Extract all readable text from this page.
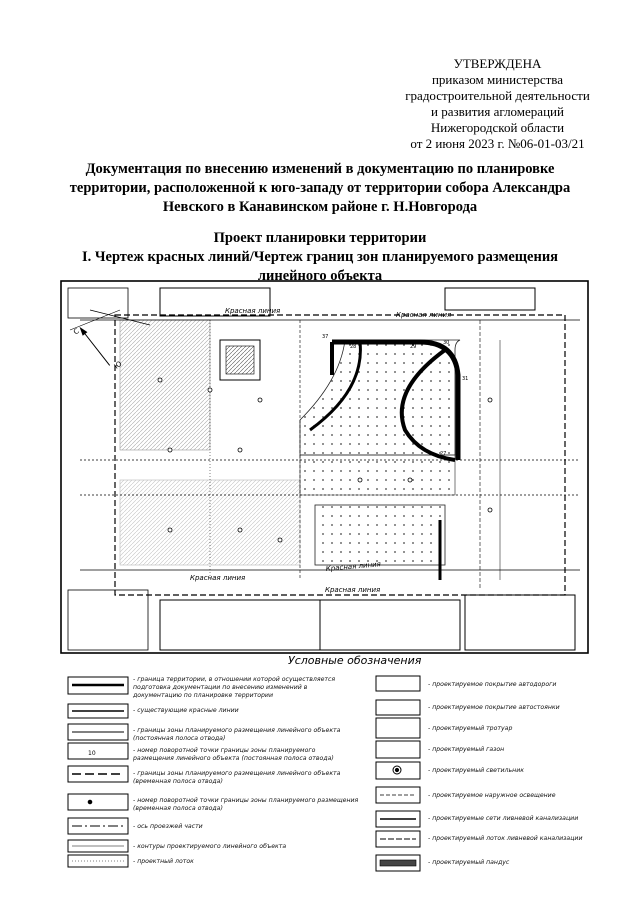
УТВЕРЖДЕНА
приказом министерства
градостроительной деятельности
и развития агломераций
Нижегородской области
от 2 июня 2023 г. №06-01-03/21
Документация по внесению изменений в документацию по планировке
территории, расположенной к юго-западу от территории собора Александра
Невского в Канавинском районе г. Н.Новгорода
Проект планировки территории
I. Чертеж красных линий/Чертеж границ зон планируемого размещения
линейного объекта
C
Ю
Красная линия	Красная линия
Красная линия
Красная линия
Красная линия
37
27
28	29
30
31
Условные обозначения
10
- граница территории, в отношении которой осуществляется
подготовка документации по внесению изменений в
документацию по планировке территории
- существующие красные линии
- границы зоны планируемого размещения линейного объекта
(постоянная полоса отвода)
- номер поворотной точки границы зоны планируемого
размещения линейного объекта (постоянная полоса отвода)
- границы зоны планируемого размещения линейного объекта
(временная полоса отвода)
- номер поворотной точки границы зоны планируемого размещения
(временная полоса отвода)
- ось проезжей части
- контуры проектируемого линейного объекта
- проектный лоток
- проектируемое покрытие автодороги
- проектируемое покрытие автостоянки
- проектируемый тротуар
- проектируемый газон
- проектируемый светильник
- проектируемое наружное освещение
- проектируемые сети ливневой канализации
- проектируемый лоток ливневой канализации
- проектируемый пандус
